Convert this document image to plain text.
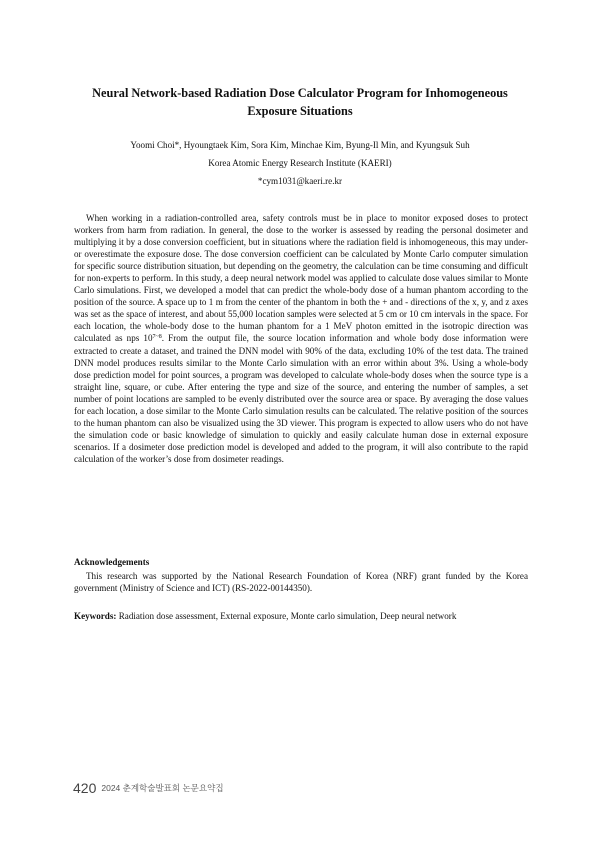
Neural Network-based Radiation Dose Calculator Program for Inhomogeneous
Exposure Situations
Yoomi Choi*, Hyoungtaek Kim, Sora Kim, Minchae Kim, Byung-Il Min, and Kyungsuk Suh
Korea Atomic Energy Research Institute (KAERI)
*cym1031@kaeri.re.kr

When working in a radiation-controlled area, safety controls must be in place to monitor exposed doses to protect workers from harm from radiation. In general, the dose to the worker is assessed by reading the personal dosimeter and multiplying it by a dose conversion coefficient, but in situations where the radiation field is inhomogeneous, this may under- or overestimate the exposure dose. The dose conversion coefficient can be calculated by Monte Carlo computer simulation for specific source distribution situation, but depending on the geometry, the calculation can be time consuming and difficult for non-experts to perform. In this study, a deep neural network model was applied to calculate dose values similar to Monte Carlo simulations. First, we developed a model that can predict the whole-body dose of a human phantom according to the position of the source. A space up to 1 m from the center of the phantom in both the + and - directions of the x, y, and z axes was set as the space of interest, and about 55,000 location samples were selected at 5 cm or 10 cm intervals in the space. For each location, the whole-body dose to the human phantom for a 1 MeV photon emitted in the isotropic direction was calculated as nps $10^{7\sim 8}$. From the output file, the source location information and whole body dose information were extracted to create a dataset, and trained the DNN model with 90% of the data, excluding 10% of the test data. The trained DNN model produces results similar to the Monte Carlo simulation with an error within about 3%. Using a whole-body dose prediction model for point sources, a program was developed to calculate whole-body doses when the source type is a straight line, square, or cube. After entering the type and size of the source, and entering the number of samples, a set number of point locations are sampled to be evenly distributed over the source area or space. By averaging the dose values for each location, a dose similar to the Monte Carlo simulation results can be calculated. The relative position of the sources to the human phantom can also be visualized using the 3D viewer. This program is expected to allow users who do not have the simulation code or basic knowledge of simulation to quickly and easily calculate human dose in external exposure scenarios. If a dosimeter dose prediction model is developed and added to the program, it will also contribute to the rapid calculation of the worker’s dose from dosimeter readings.

Acknowledgements

This research was supported by the National Research Foundation of Korea (NRF) grant funded by the Korea government (Ministry of Science and ICT) (RS-2022-00144350).

Keywords: Radiation dose assessment, External exposure, Monte carlo simulation, Deep neural network
420 2024 춘계학술발표회 논문요약집
